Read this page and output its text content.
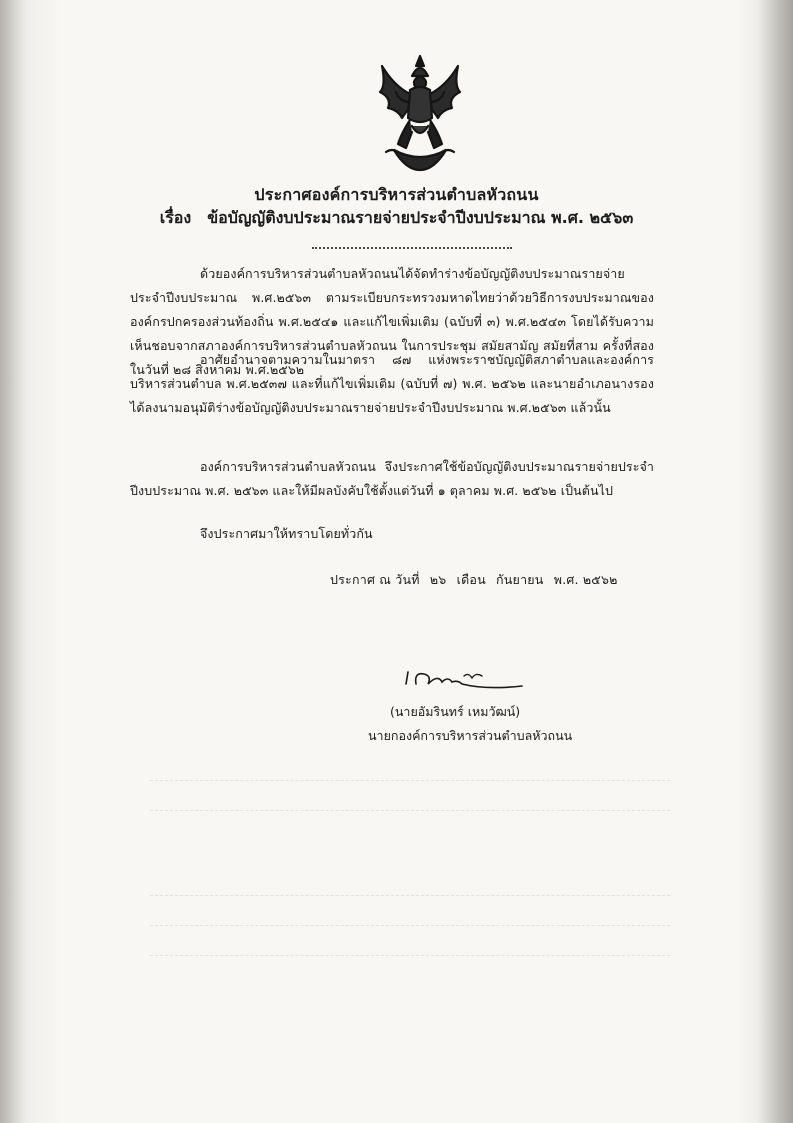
ประกาศองค์การบริหารส่วนตำบลหัวถนน
เรื่อง ข้อบัญญัติงบประมาณรายจ่ายประจำปีงบประมาณ พ.ศ. ๒๕๖๓
ด้วยองค์การบริหารส่วนตำบลหัวถนนได้จัดทำร่างข้อบัญญัติงบประมาณรายจ่ายประจำปีงบประมาณ พ.ศ.๒๕๖๓ ตามระเบียบกระทรวงมหาดไทยว่าด้วยวิธีการงบประมาณขององค์กรปกครองส่วนท้องถิ่น พ.ศ.๒๕๔๑ และแก้ไขเพิ่มเติม (ฉบับที่ ๓) พ.ศ.๒๕๔๓ โดยได้รับความเห็นชอบจากสภาองค์การบริหารส่วนตำบลหัวถนน ในการประชุม สมัยสามัญ สมัยที่สาม ครั้งที่สอง ในวันที่ ๒๘ สิงหาคม พ.ศ.๒๕๖๒
อาศัยอำนาจตามความในมาตรา ๘๗ แห่งพระราชบัญญัติสภาตำบลและองค์การบริหารส่วนตำบล พ.ศ.๒๕๓๗ และที่แก้ไขเพิ่มเติม (ฉบับที่ ๗) พ.ศ. ๒๕๖๒ และนายอำเภอนางรอง ได้ลงนามอนุมัติร่างข้อบัญญัติงบประมาณรายจ่ายประจำปีงบประมาณ พ.ศ.๒๕๖๓ แล้วนั้น
องค์การบริหารส่วนตำบลหัวถนน จึงประกาศใช้ข้อบัญญัติงบประมาณรายจ่ายประจำปีงบประมาณ พ.ศ. ๒๕๖๓ และให้มีผลบังคับใช้ตั้งแต่วันที่ ๑ ตุลาคม พ.ศ. ๒๕๖๒ เป็นต้นไป
จึงประกาศมาให้ทราบโดยทั่วกัน
ประกาศ ณ วันที่ ๒๖ เดือน กันยายน พ.ศ. ๒๕๖๒
(นายอัมรินทร์ เหมวัฒน์)
นายกองค์การบริหารส่วนตำบลหัวถนน
